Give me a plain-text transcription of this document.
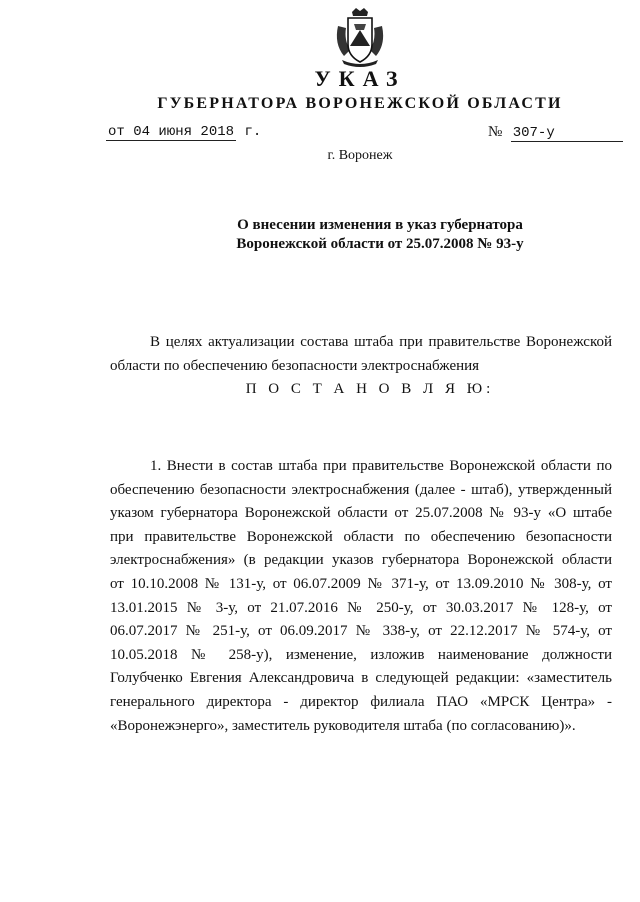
УКАЗ
ГУБЕРНАТОРА ВОРОНЕЖСКОЙ ОБЛАСТИ
от 04 июня 2018 г.	№ 307-у
г. Воронеж
О внесении изменения в указ губернатора
Воронежской области от 25.07.2008 № 93-у
В целях актуализации состава штаба при правительстве Воронежской
области по обеспечению безопасности электроснабжения
П О С Т А Н О В Л Я Ю:
1. Внести в состав штаба при правительстве Воронежской области по
обеспечению безопасности электроснабжения (далее - штаб), утвержденный
указом губернатора Воронежской области от 25.07.2008 № 93-у «О штабе
при правительстве Воронежской области по обеспечению безопасности
электроснабжения» (в редакции указов губернатора Воронежской области
от 10.10.2008 № 131-у, от 06.07.2009 № 371-у, от 13.09.2010 № 308-у, от
13.01.2015 № 3-у, от 21.07.2016 № 250-у, от 30.03.2017 № 128-у, от
06.07.2017 № 251-у, от 06.09.2017 № 338-у, от 22.12.2017 № 574-у, от
10.05.2018 № 258-у), изменение, изложив наименование должности
Голубченко Евгения Александровича в следующей редакции: «заместитель
генерального директора - директор филиала ПАО «МРСК Центра» -
«Воронежэнерго», заместитель руководителя штаба (по согласованию)».
